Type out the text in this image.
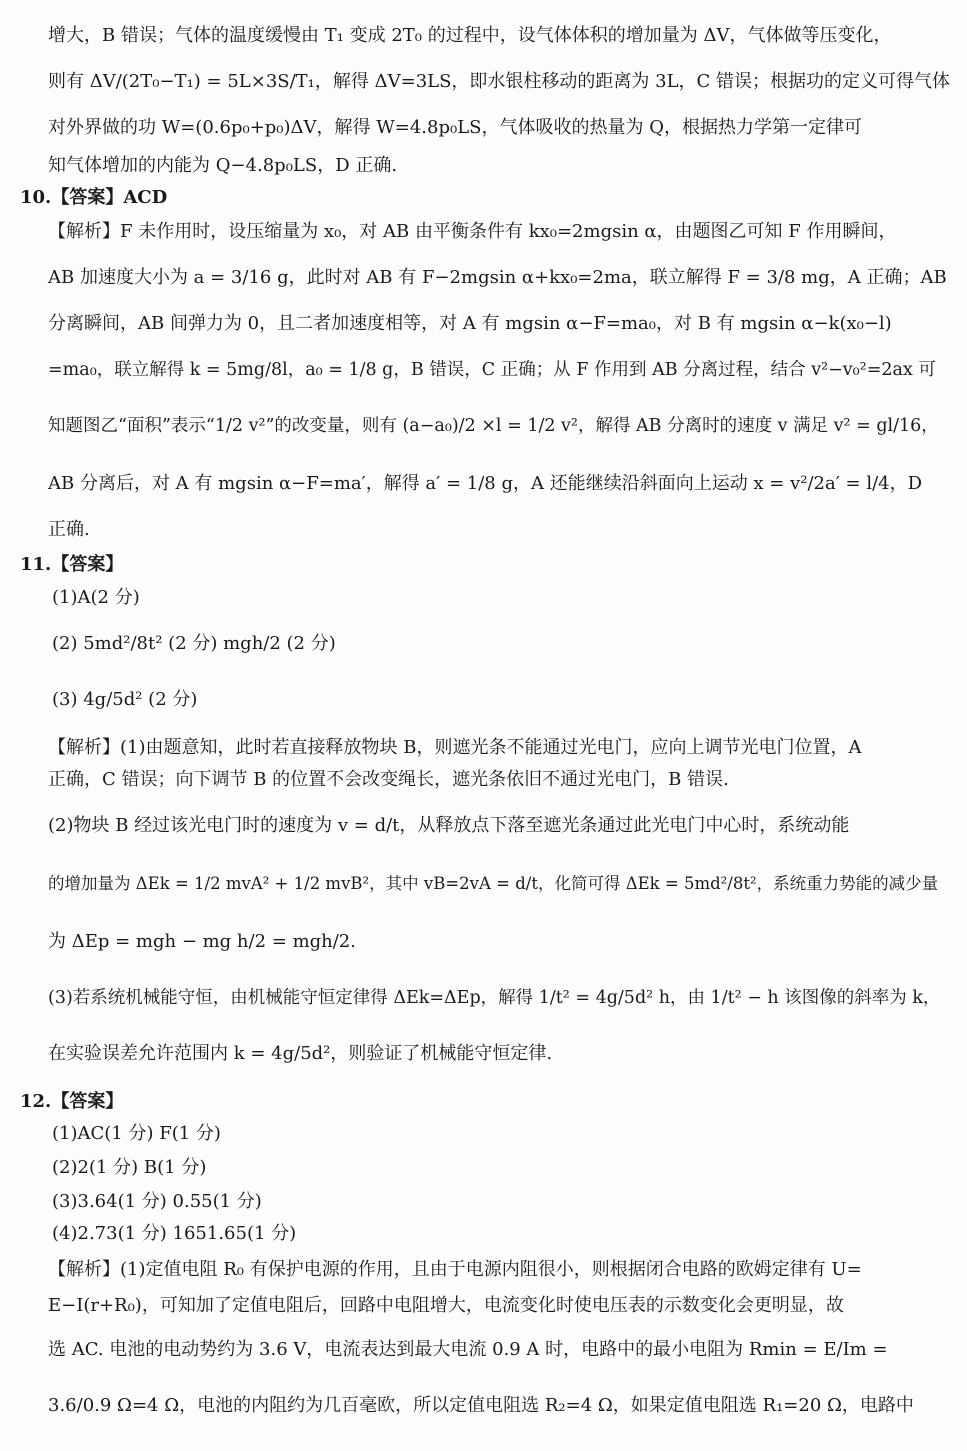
增大，B 错误；气体的温度缓慢由 T₁ 变成 2T₀ 的过程中，设气体体积的增加量为 ΔV，气体做等压变化，
则有 ΔV/(2T₀−T₁) = 5L×3S/T₁，解得 ΔV=3LS，即水银柱移动的距离为 3L，C 错误；根据功的定义可得气体
对外界做的功 W=(0.6p₀+p₀)ΔV，解得 W=4.8p₀LS，气体吸收的热量为 Q，根据热力学第一定律可
知气体增加的内能为 Q−4.8p₀LS，D 正确.
10.【答案】ACD
【解析】F 未作用时，设压缩量为 x₀，对 AB 由平衡条件有 kx₀=2mgsin α，由题图乙可知 F 作用瞬间，
AB 加速度大小为 a = 3/16 g，此时对 AB 有 F−2mgsin α+kx₀=2ma，联立解得 F = 3/8 mg，A 正确；AB
分离瞬间，AB 间弹力为 0，且二者加速度相等，对 A 有 mgsin α−F=ma₀，对 B 有 mgsin α−k(x₀−l)
=ma₀，联立解得 k = 5mg/8l，a₀ = 1/8 g，B 错误，C 正确；从 F 作用到 AB 分离过程，结合 v²−v₀²=2ax 可
知题图乙“面积”表示“1/2 v²”的改变量，则有 (a−a₀)/2 ×l = 1/2 v²，解得 AB 分离时的速度 v 满足 v² = gl/16，
AB 分离后，对 A 有 mgsin α−F=ma′，解得 a′ = 1/8 g，A 还能继续沿斜面向上运动 x = v²/2a′ = l/4，D
正确.
11.【答案】
(1)A(2 分)
(2) 5md²/8t² (2 分) mgh/2 (2 分)
(3) 4g/5d² (2 分)
【解析】(1)由题意知，此时若直接释放物块 B，则遮光条不能通过光电门，应向上调节光电门位置，A
正确，C 错误；向下调节 B 的位置不会改变绳长，遮光条依旧不通过光电门，B 错误.
(2)物块 B 经过该光电门时的速度为 v = d/t，从释放点下落至遮光条通过此光电门中心时，系统动能
的增加量为 ΔEk = 1/2 mvA² + 1/2 mvB²，其中 vB=2vA = d/t，化简可得 ΔEk = 5md²/8t²，系统重力势能的减少量
为 ΔEp = mgh − mg h/2 = mgh/2.
(3)若系统机械能守恒，由机械能守恒定律得 ΔEk=ΔEp，解得 1/t² = 4g/5d² h，由 1/t² − h 该图像的斜率为 k，
在实验误差允许范围内 k = 4g/5d²，则验证了机械能守恒定律.
12.【答案】
(1)AC(1 分) F(1 分)
(2)2(1 分) B(1 分)
(3)3.64(1 分) 0.55(1 分)
(4)2.73(1 分) 1651.65(1 分)
【解析】(1)定值电阻 R₀ 有保护电源的作用，且由于电源内阻很小，则根据闭合电路的欧姆定律有 U=
E−I(r+R₀)，可知加了定值电阻后，回路中电阻增大，电流变化时使电压表的示数变化会更明显，故
选 AC. 电池的电动势约为 3.6 V，电流表达到最大电流 0.9 A 时，电路中的最小电阻为 Rmin = E/Im =
3.6/0.9 Ω=4 Ω，电池的内阻约为几百毫欧，所以定值电阻选 R₂=4 Ω，如果定值电阻选 R₁=20 Ω，电路中
